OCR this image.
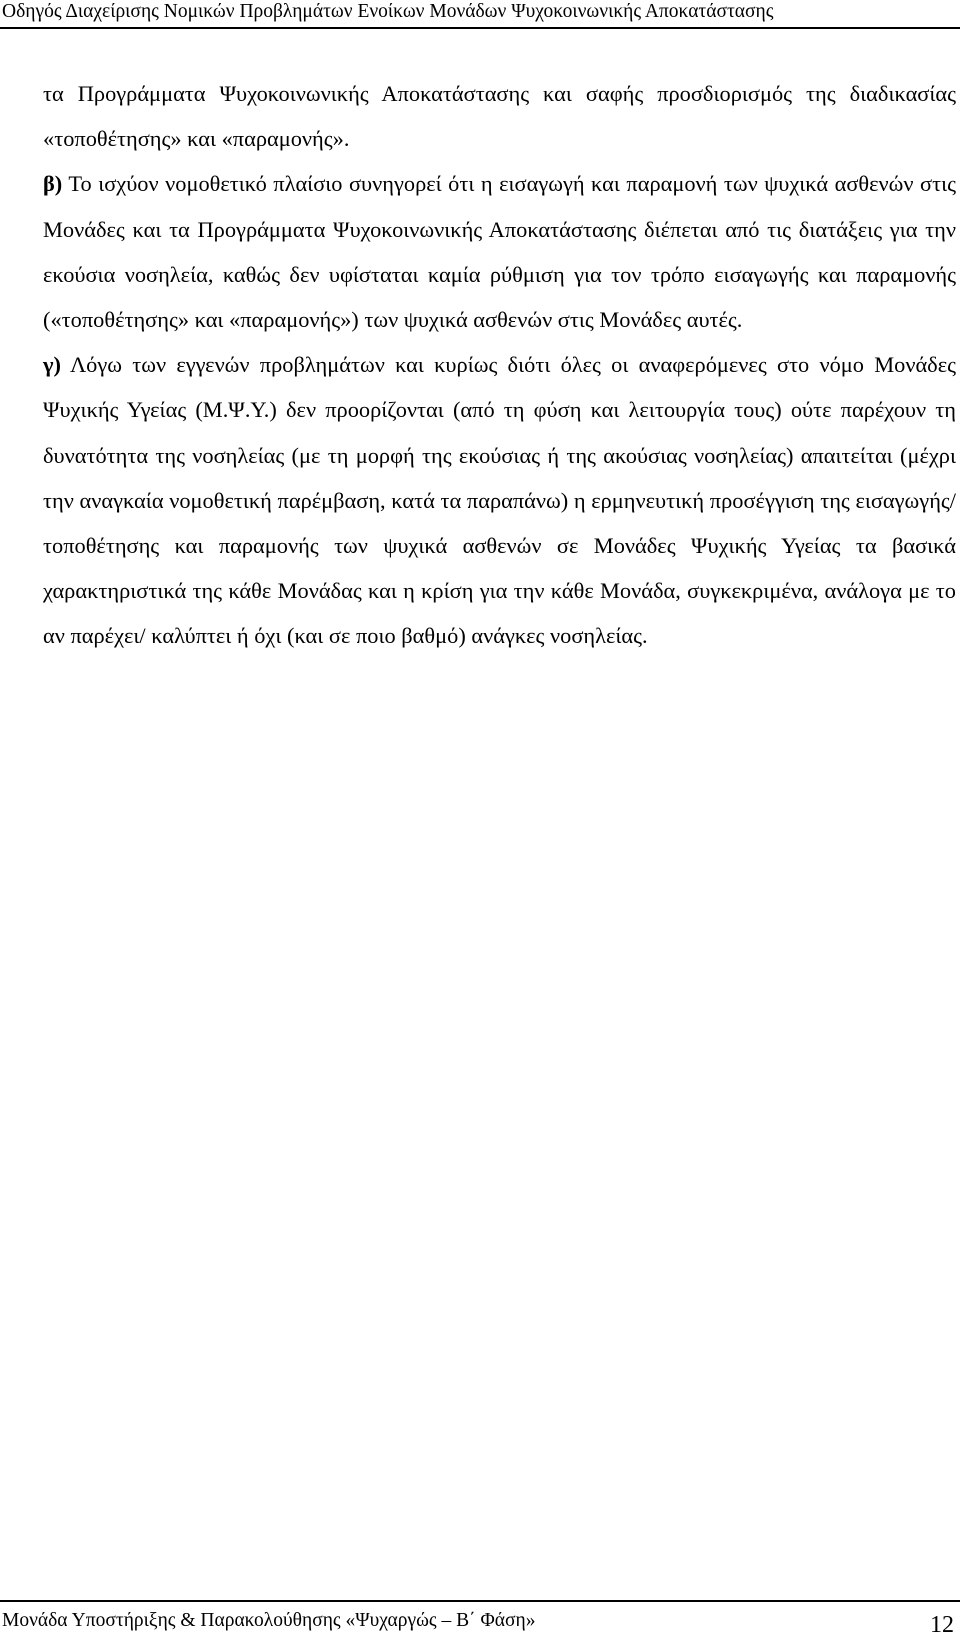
Οδηγός Διαχείρισης Νομικών Προβλημάτων Ενοίκων Μονάδων Ψυχοκοινωνικής Αποκατάστασης

τα Προγράμματα Ψυχοκοινωνικής Αποκατάστασης και σαφής προσδιορισμός της διαδικασίας «τοποθέτησης» και «παραμονής».

β) Το ισχύον νομοθετικό πλαίσιο συνηγορεί ότι η εισαγωγή και παραμονή των ψυχικά ασθενών στις Μονάδες και τα Προγράμματα Ψυχοκοινωνικής Αποκατάστασης διέπεται από τις διατάξεις για την εκούσια νοσηλεία, καθώς δεν υφίσταται καμία ρύθμιση για τον τρόπο εισαγωγής και παραμονής («τοποθέτησης» και «παραμονής») των ψυχικά ασθενών στις Μονάδες αυτές.

γ) Λόγω των εγγενών προβλημάτων και κυρίως διότι όλες οι αναφερόμενες στο νόμο Μονάδες Ψυχικής Υγείας (Μ.Ψ.Υ.) δεν προορίζονται (από τη φύση και λειτουργία τους) ούτε παρέχουν τη δυνατότητα της νοσηλείας (με τη μορφή της εκούσιας ή της ακούσιας νοσηλείας) απαιτείται (μέχρι την αναγκαία νομοθετική παρέμβαση, κατά τα παραπάνω) η ερμηνευτική προσέγγιση της εισαγωγής/τοποθέτησης και παραμονής των ψυχικά ασθενών σε Μονάδες Ψυχικής Υγείας τα βασικά χαρακτηριστικά της κάθε Μονάδας και η κρίση για την κάθε Μονάδα, συγκεκριμένα, ανάλογα με το αν παρέχει/ καλύπτει ή όχι (και σε ποιο βαθμό) ανάγκες νοσηλείας.

Μονάδα Υποστήριξης & Παρακολούθησης «Ψυχαργώς – Β΄ Φάση»	12
